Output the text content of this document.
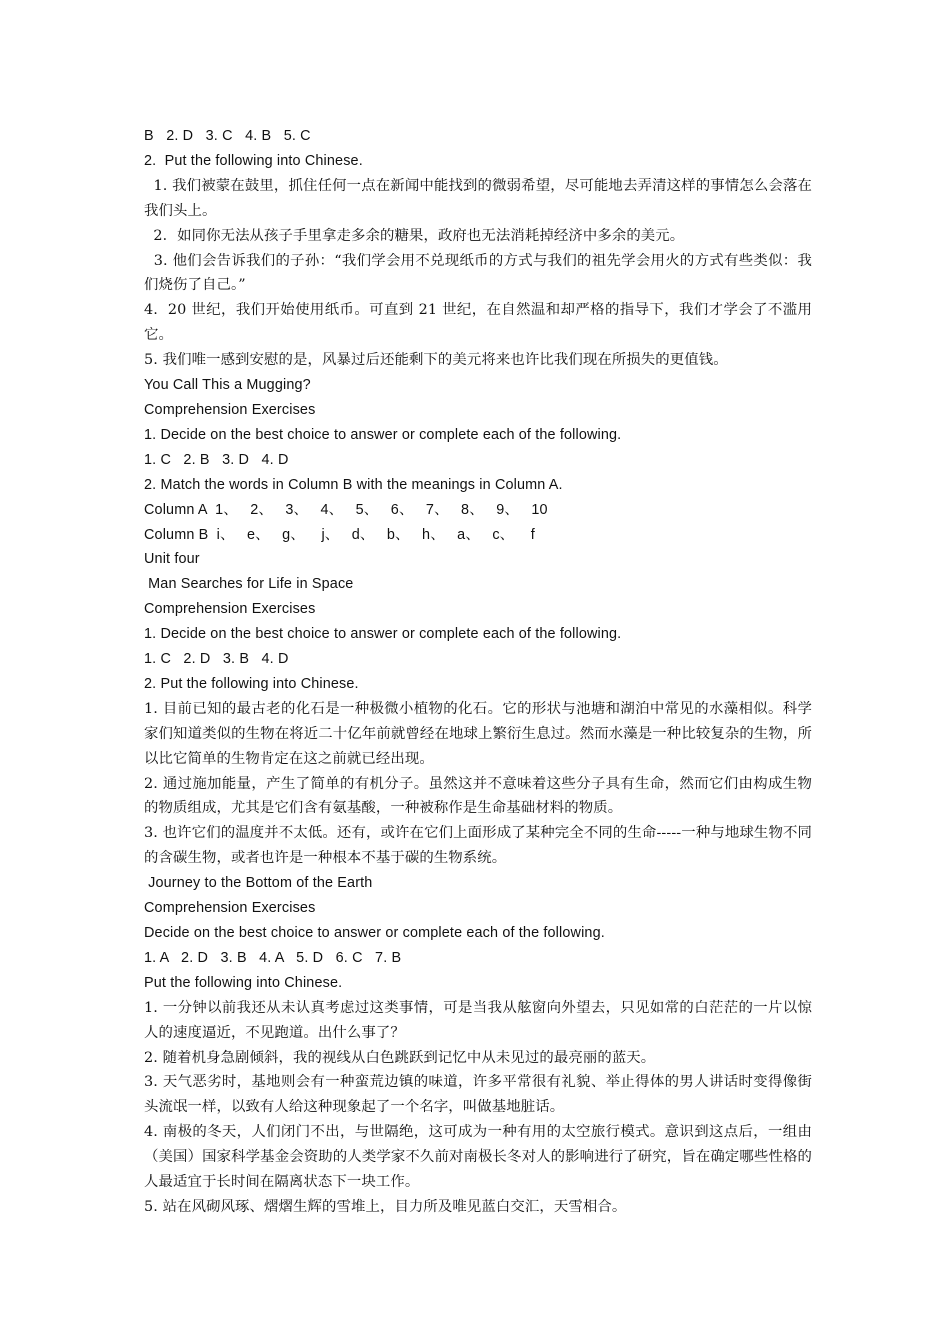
B   2. D   3. C   4. B   5. C
2.  Put the following into Chinese.
1. 我们被蒙在鼓里，抓住任何一点在新闻中能找到的微弱希望，尽可能地去弄清这样的事情怎么会落在我们头上。
2．如同你无法从孩子手里拿走多余的糖果，政府也无法消耗掉经济中多余的美元。
3. 他们会告诉我们的子孙：“我们学会用不兑现纸币的方式与我们的祖先学会用火的方式有些类似：我们烧伤了自己。”
4.  20 世纪，我们开始使用纸币。可直到 21 世纪，在自然温和却严格的指导下，我们才学会了不滥用它。
5. 我们唯一感到安慰的是，风暴过后还能剩下的美元将来也许比我们现在所损失的更值钱。
You Call This a Mugging?
Comprehension Exercises
1. Decide on the best choice to answer or complete each of the following.
1. C   2. B   3. D   4. D
2. Match the words in Column B with the meanings in Column A.
Column A  1、   2、   3、   4、   5、   6、   7、   8、   9、   10
Column B  i、   e、   g、    j、   d、   b、   h、   a、   c、    f
Unit four
Man Searches for Life in Space
Comprehension Exercises
1. Decide on the best choice to answer or complete each of the following.
1. C   2. D   3. B   4. D
2. Put the following into Chinese.
1. 目前已知的最古老的化石是一种极微小植物的化石。它的形状与池塘和湖泊中常见的水藻相似。科学家们知道类似的生物在将近二十亿年前就曾经在地球上繁衍生息过。然而水藻是一种比较复杂的生物，所以比它简单的生物肯定在这之前就已经出现。
2. 通过施加能量，产生了简单的有机分子。虽然这并不意味着这些分子具有生命，然而它们由构成生物的物质组成，尤其是它们含有氨基酸，一种被称作是生命基础材料的物质。
3. 也许它们的温度并不太低。还有，或许在它们上面形成了某种完全不同的生命-----一种与地球生物不同的含碳生物，或者也许是一种根本不基于碳的生物系统。
Journey to the Bottom of the Earth
Comprehension Exercises
Decide on the best choice to answer or complete each of the following.
1. A   2. D   3. B   4. A   5. D   6. C   7. B
Put the following into Chinese.
1. 一分钟以前我还从未认真考虑过这类事情，可是当我从舷窗向外望去，只见如常的白茫茫的一片以惊人的速度逼近，不见跑道。出什么事了？
2. 随着机身急剧倾斜，我的视线从白色跳跃到记忆中从未见过的最亮丽的蓝天。
3. 天气恶劣时，基地则会有一种蛮荒边镇的味道，许多平常很有礼貌、举止得体的男人讲话时变得像街头流氓一样，以致有人给这种现象起了一个名字，叫做基地脏话。
4. 南极的冬天，人们闭门不出，与世隔绝，这可成为一种有用的太空旅行模式。意识到这点后，一组由（美国）国家科学基金会资助的人类学家不久前对南极长冬对人的影响进行了研究，旨在确定哪些性格的人最适宜于长时间在隔离状态下一块工作。
5. 站在风砌风琢、熠熠生辉的雪堆上，目力所及唯见蓝白交汇，天雪相合。
